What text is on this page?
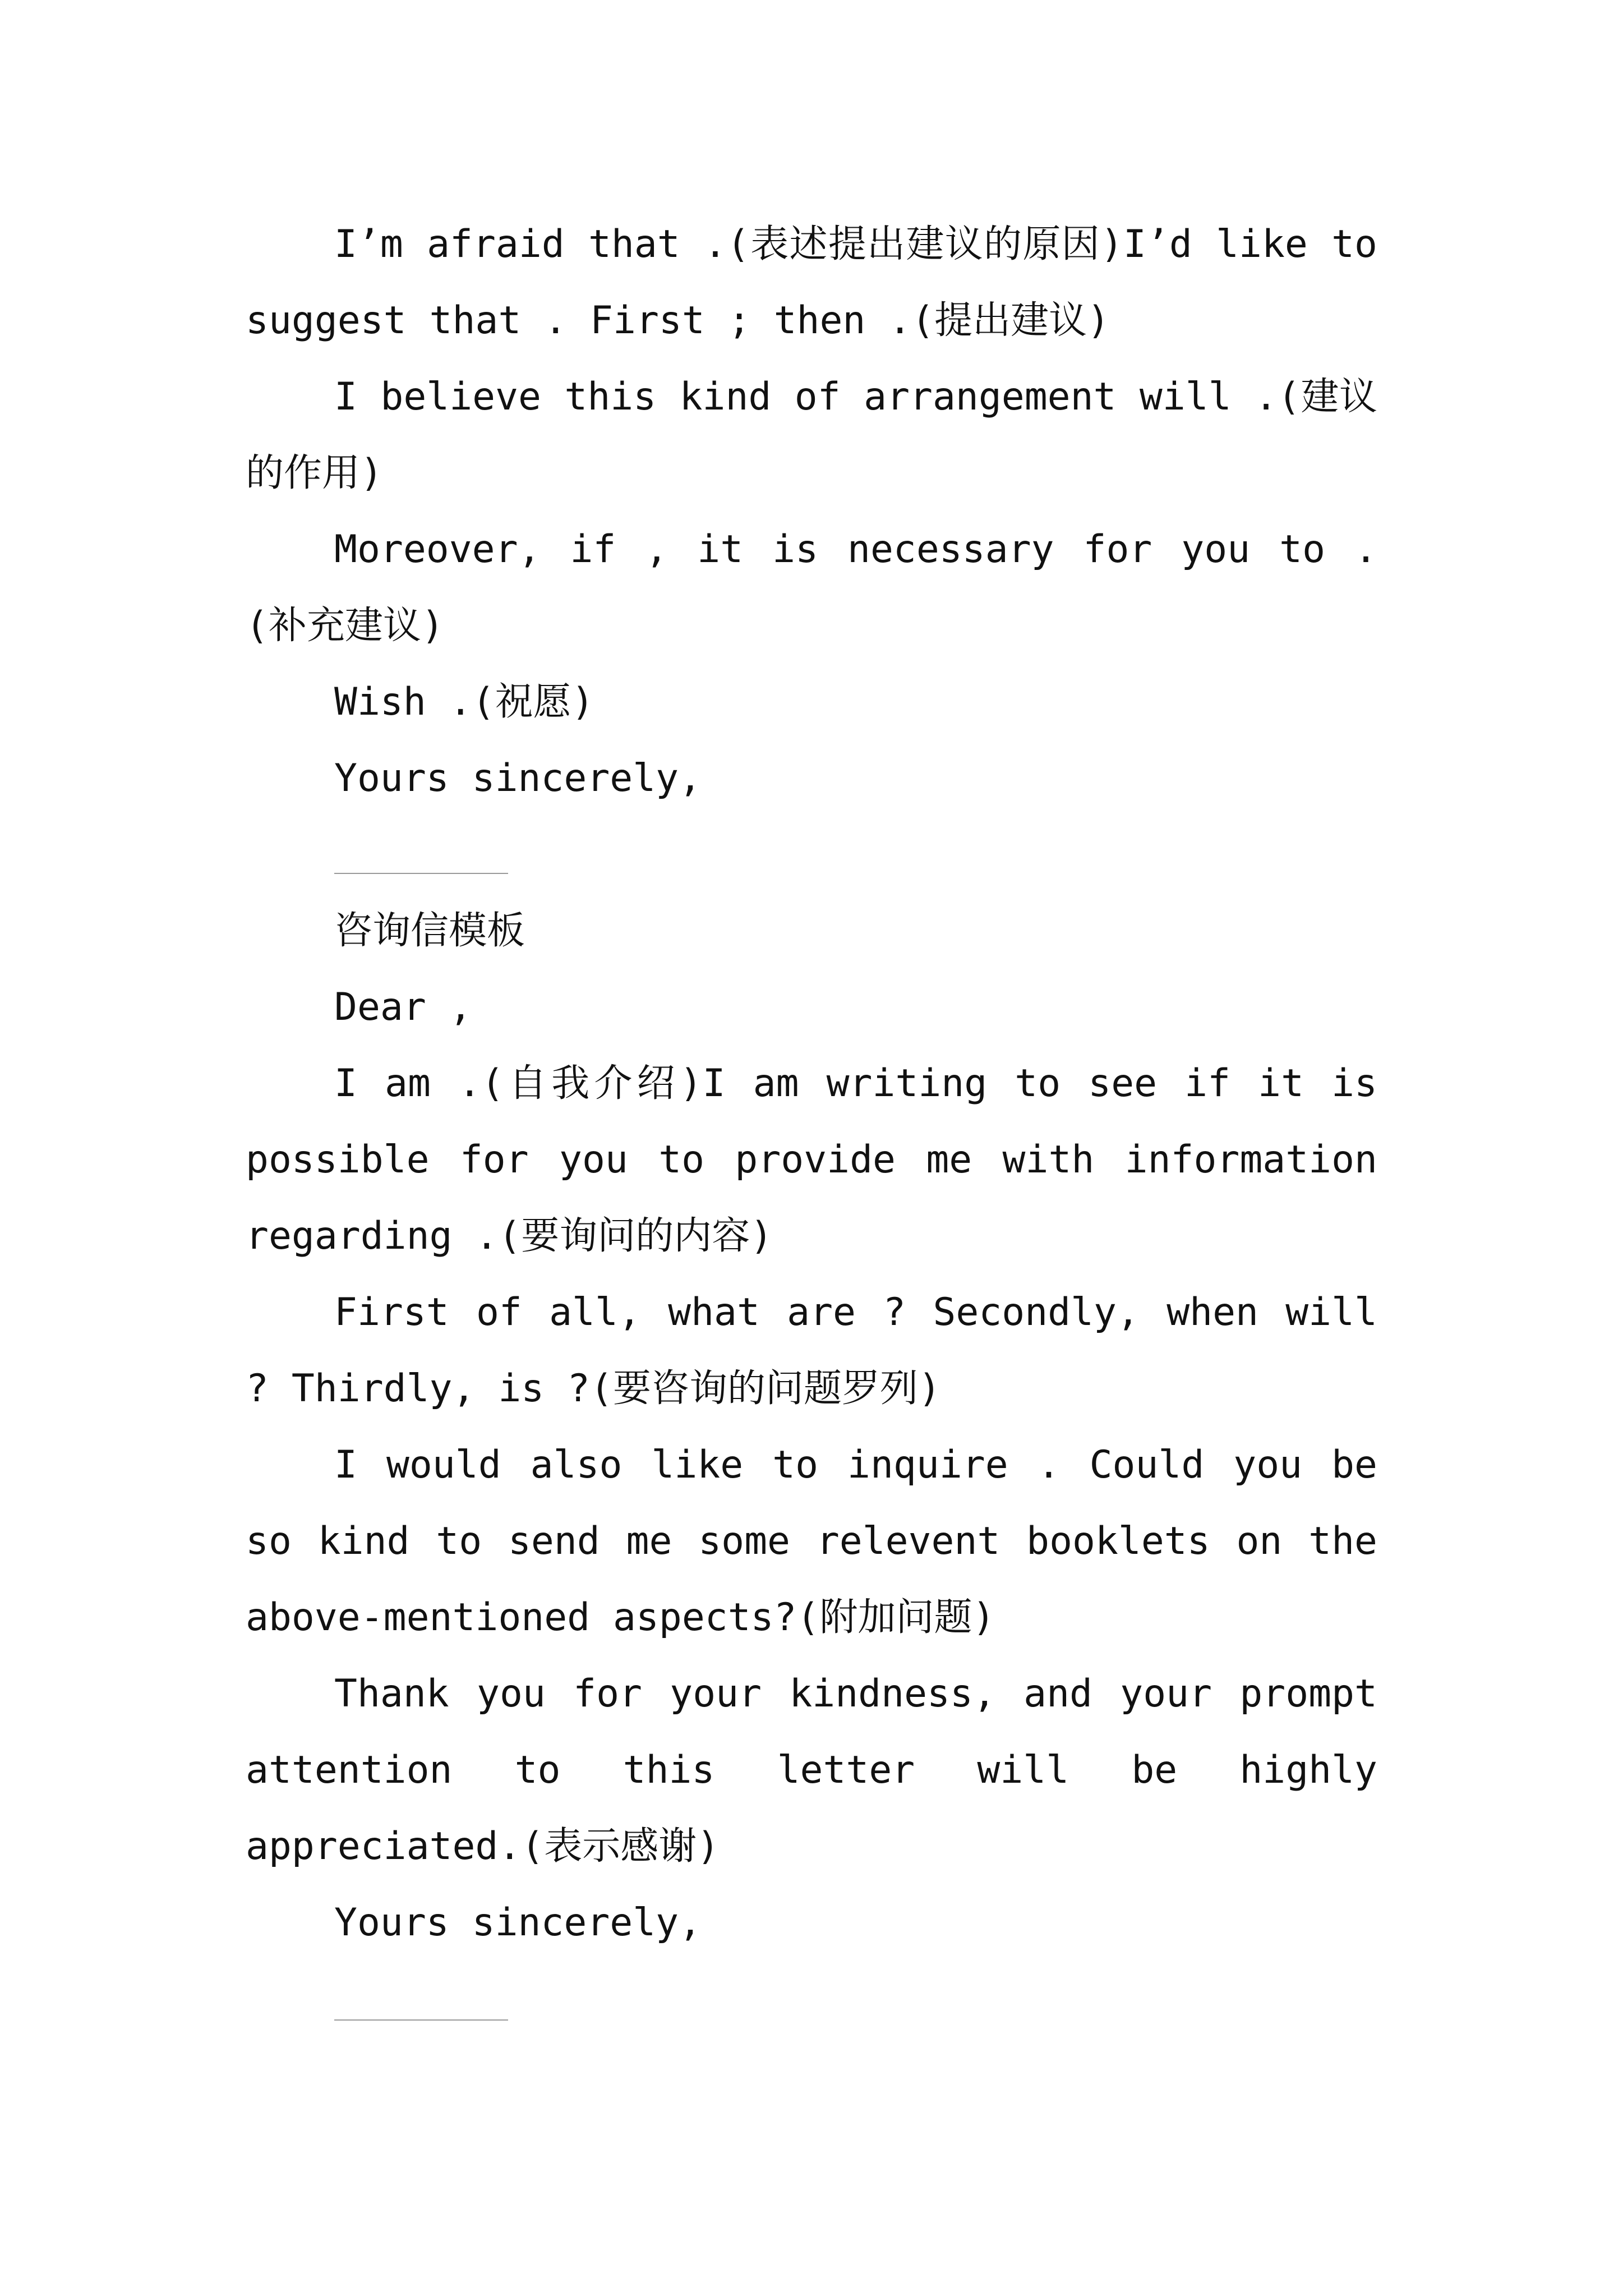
I’m afraid that .(表述提出建议的原因)I’d like to suggest that . First ; then .(提出建议)

I believe this kind of arrangement will .(建议的作用)

Moreover, if , it is necessary for you to .(补充建议)

Wish .(祝愿)

Yours sincerely,

咨询信模板

Dear ,

I am .(自我介绍)I am writing to see if it is possible for you to provide me with information regarding .(要询问的内容)

First of all, what are ? Secondly, when will ? Thirdly, is ?(要咨询的问题罗列)

I would also like to inquire . Could you be so kind to send me some relevent booklets on the above-mentioned aspects?(附加问题)

Thank you for your kindness, and your prompt attention to this letter will be highly appreciated.(表示感谢)

Yours sincerely,
